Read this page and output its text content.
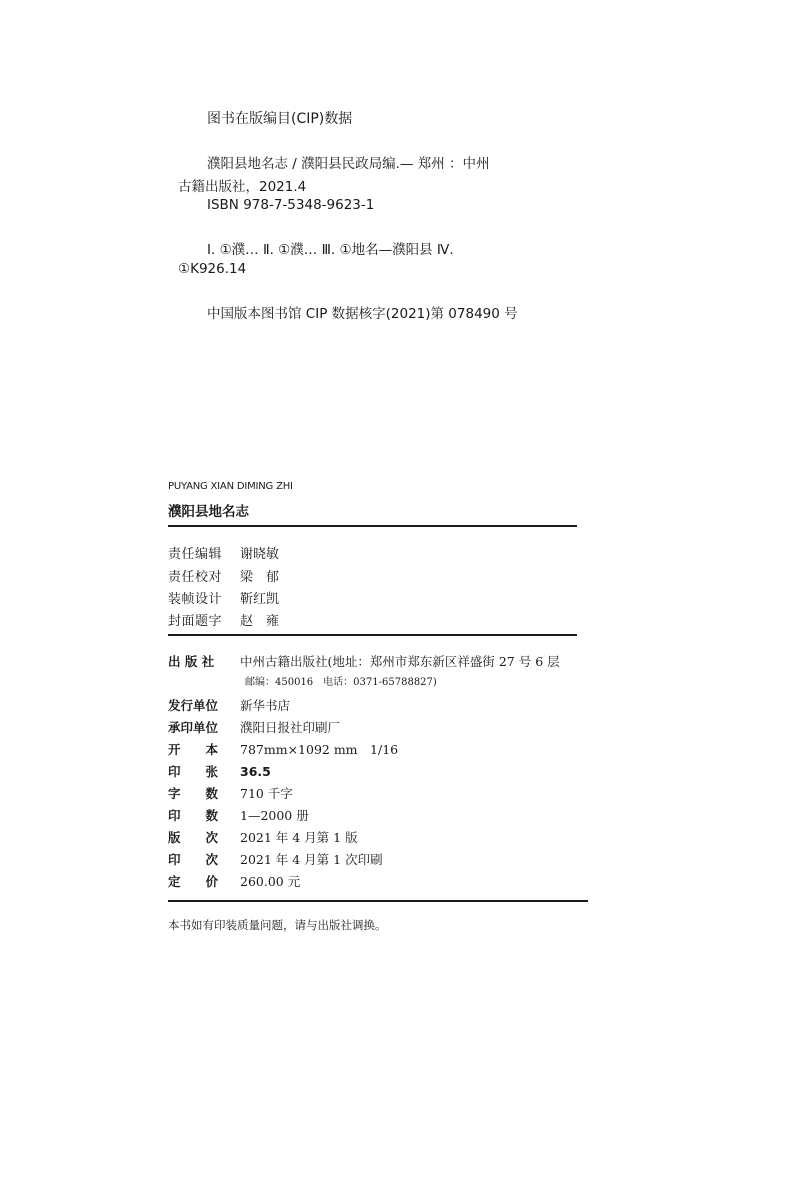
图书在版编目(CIP)数据
濮阳县地名志 / 濮阳县民政局编.— 郑州 ：中州
古籍出版社，2021.4
ISBN 978-7-5348-9623-1
Ⅰ. ①濮… Ⅱ. ①濮… Ⅲ. ①地名—濮阳县 Ⅳ.
①K926.14
中国版本图书馆 CIP 数据核字(2021)第 078490 号
PUYANG XIAN DIMING ZHI
濮阳县地名志
责任编辑 谢晓敏
责任校对 梁　郁
装帧设计 靳红凯
封面题字 赵　雍
出 版 社 中州古籍出版社(地址：郑州市郑东新区祥盛街 27 号 6 层
邮编：450016　电话：0371-65788827)
发行单位 新华书店
承印单位 濮阳日报社印刷厂
开　　本 787mm×1092 mm　1/16
印　　张 36.5
字　　数 710 千字
印　　数 1—2000 册
版　　次 2021 年 4 月第 1 版
印　　次 2021 年 4 月第 1 次印刷
定　　价 260.00 元
本书如有印装质量问题，请与出版社调换。
